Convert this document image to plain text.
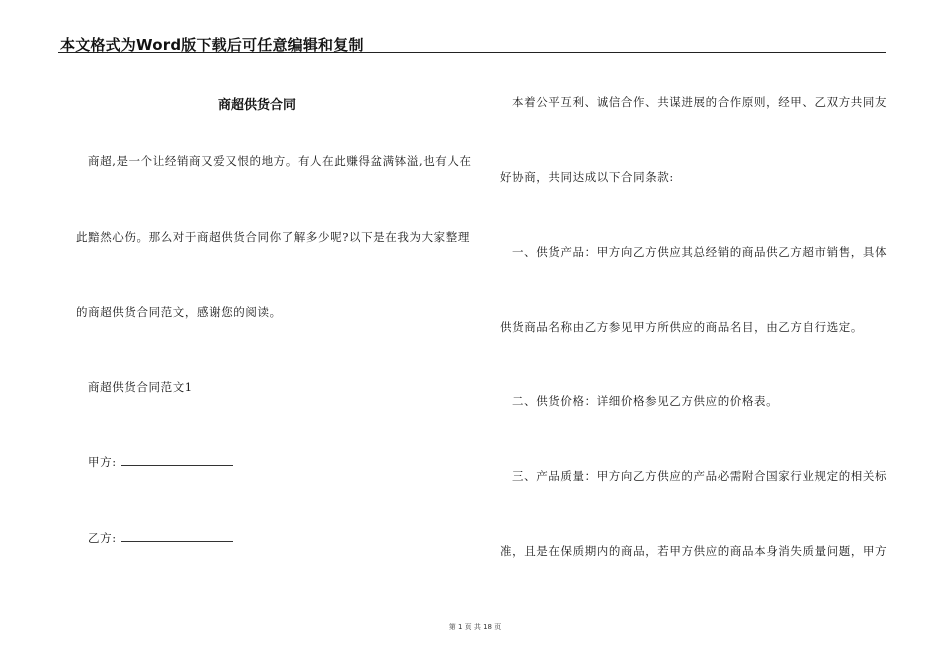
本文格式为Word版下载后可任意编辑和复制
商超供货合同
商超,是一个让经销商又爱又恨的地方。有人在此赚得盆满钵溢,也有人在
此黯然心伤。那么对于商超供货合同你了解多少呢?以下是在我为大家整理
的商超供货合同范文，感谢您的阅读。
商超供货合同范文1
甲方:
乙方:
本着公平互利、诚信合作、共谋进展的合作原则，经甲、乙双方共同友
好协商，共同达成以下合同条款:
一、供货产品：甲方向乙方供应其总经销的商品供乙方超市销售，具体
供货商品名称由乙方参见甲方所供应的商品名目，由乙方自行选定。
二、供货价格：详细价格参见乙方供应的价格表。
三、产品质量：甲方向乙方供应的产品必需附合国家行业规定的相关标
准，且是在保质期内的商品，若甲方供应的商品本身消失质量问题，甲方
第 1 页 共 18 页
